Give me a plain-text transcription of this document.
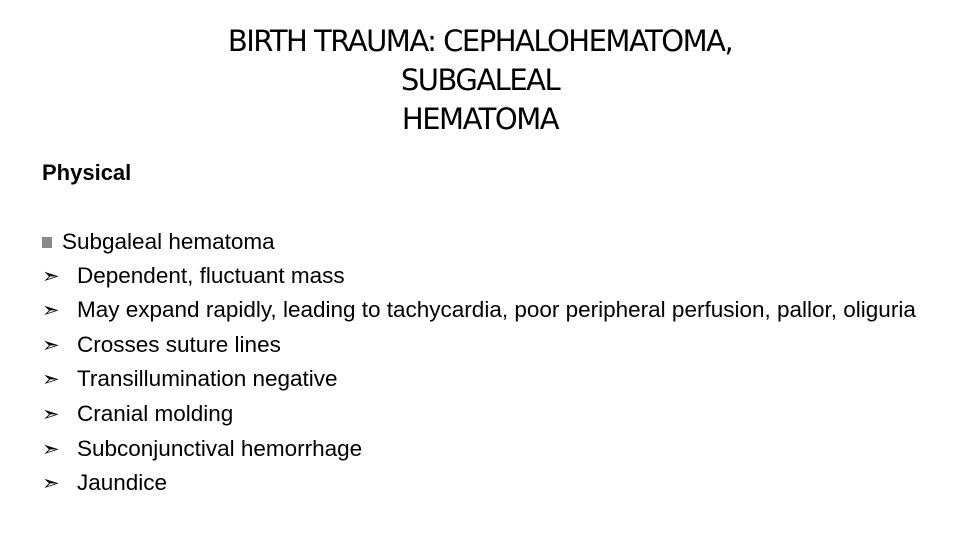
BIRTH TRAUMA: CEPHALOHEMATOMA,
SUBGALEAL
HEMATOMA
Physical
Subgaleal hematoma
➣ Dependent, fluctuant mass
➣ May expand rapidly, leading to tachycardia, poor peripheral perfusion, pallor, oliguria
➣ Crosses suture lines
➣ Transillumination negative
➣ Cranial molding
➣ Subconjunctival hemorrhage
➣ Jaundice
